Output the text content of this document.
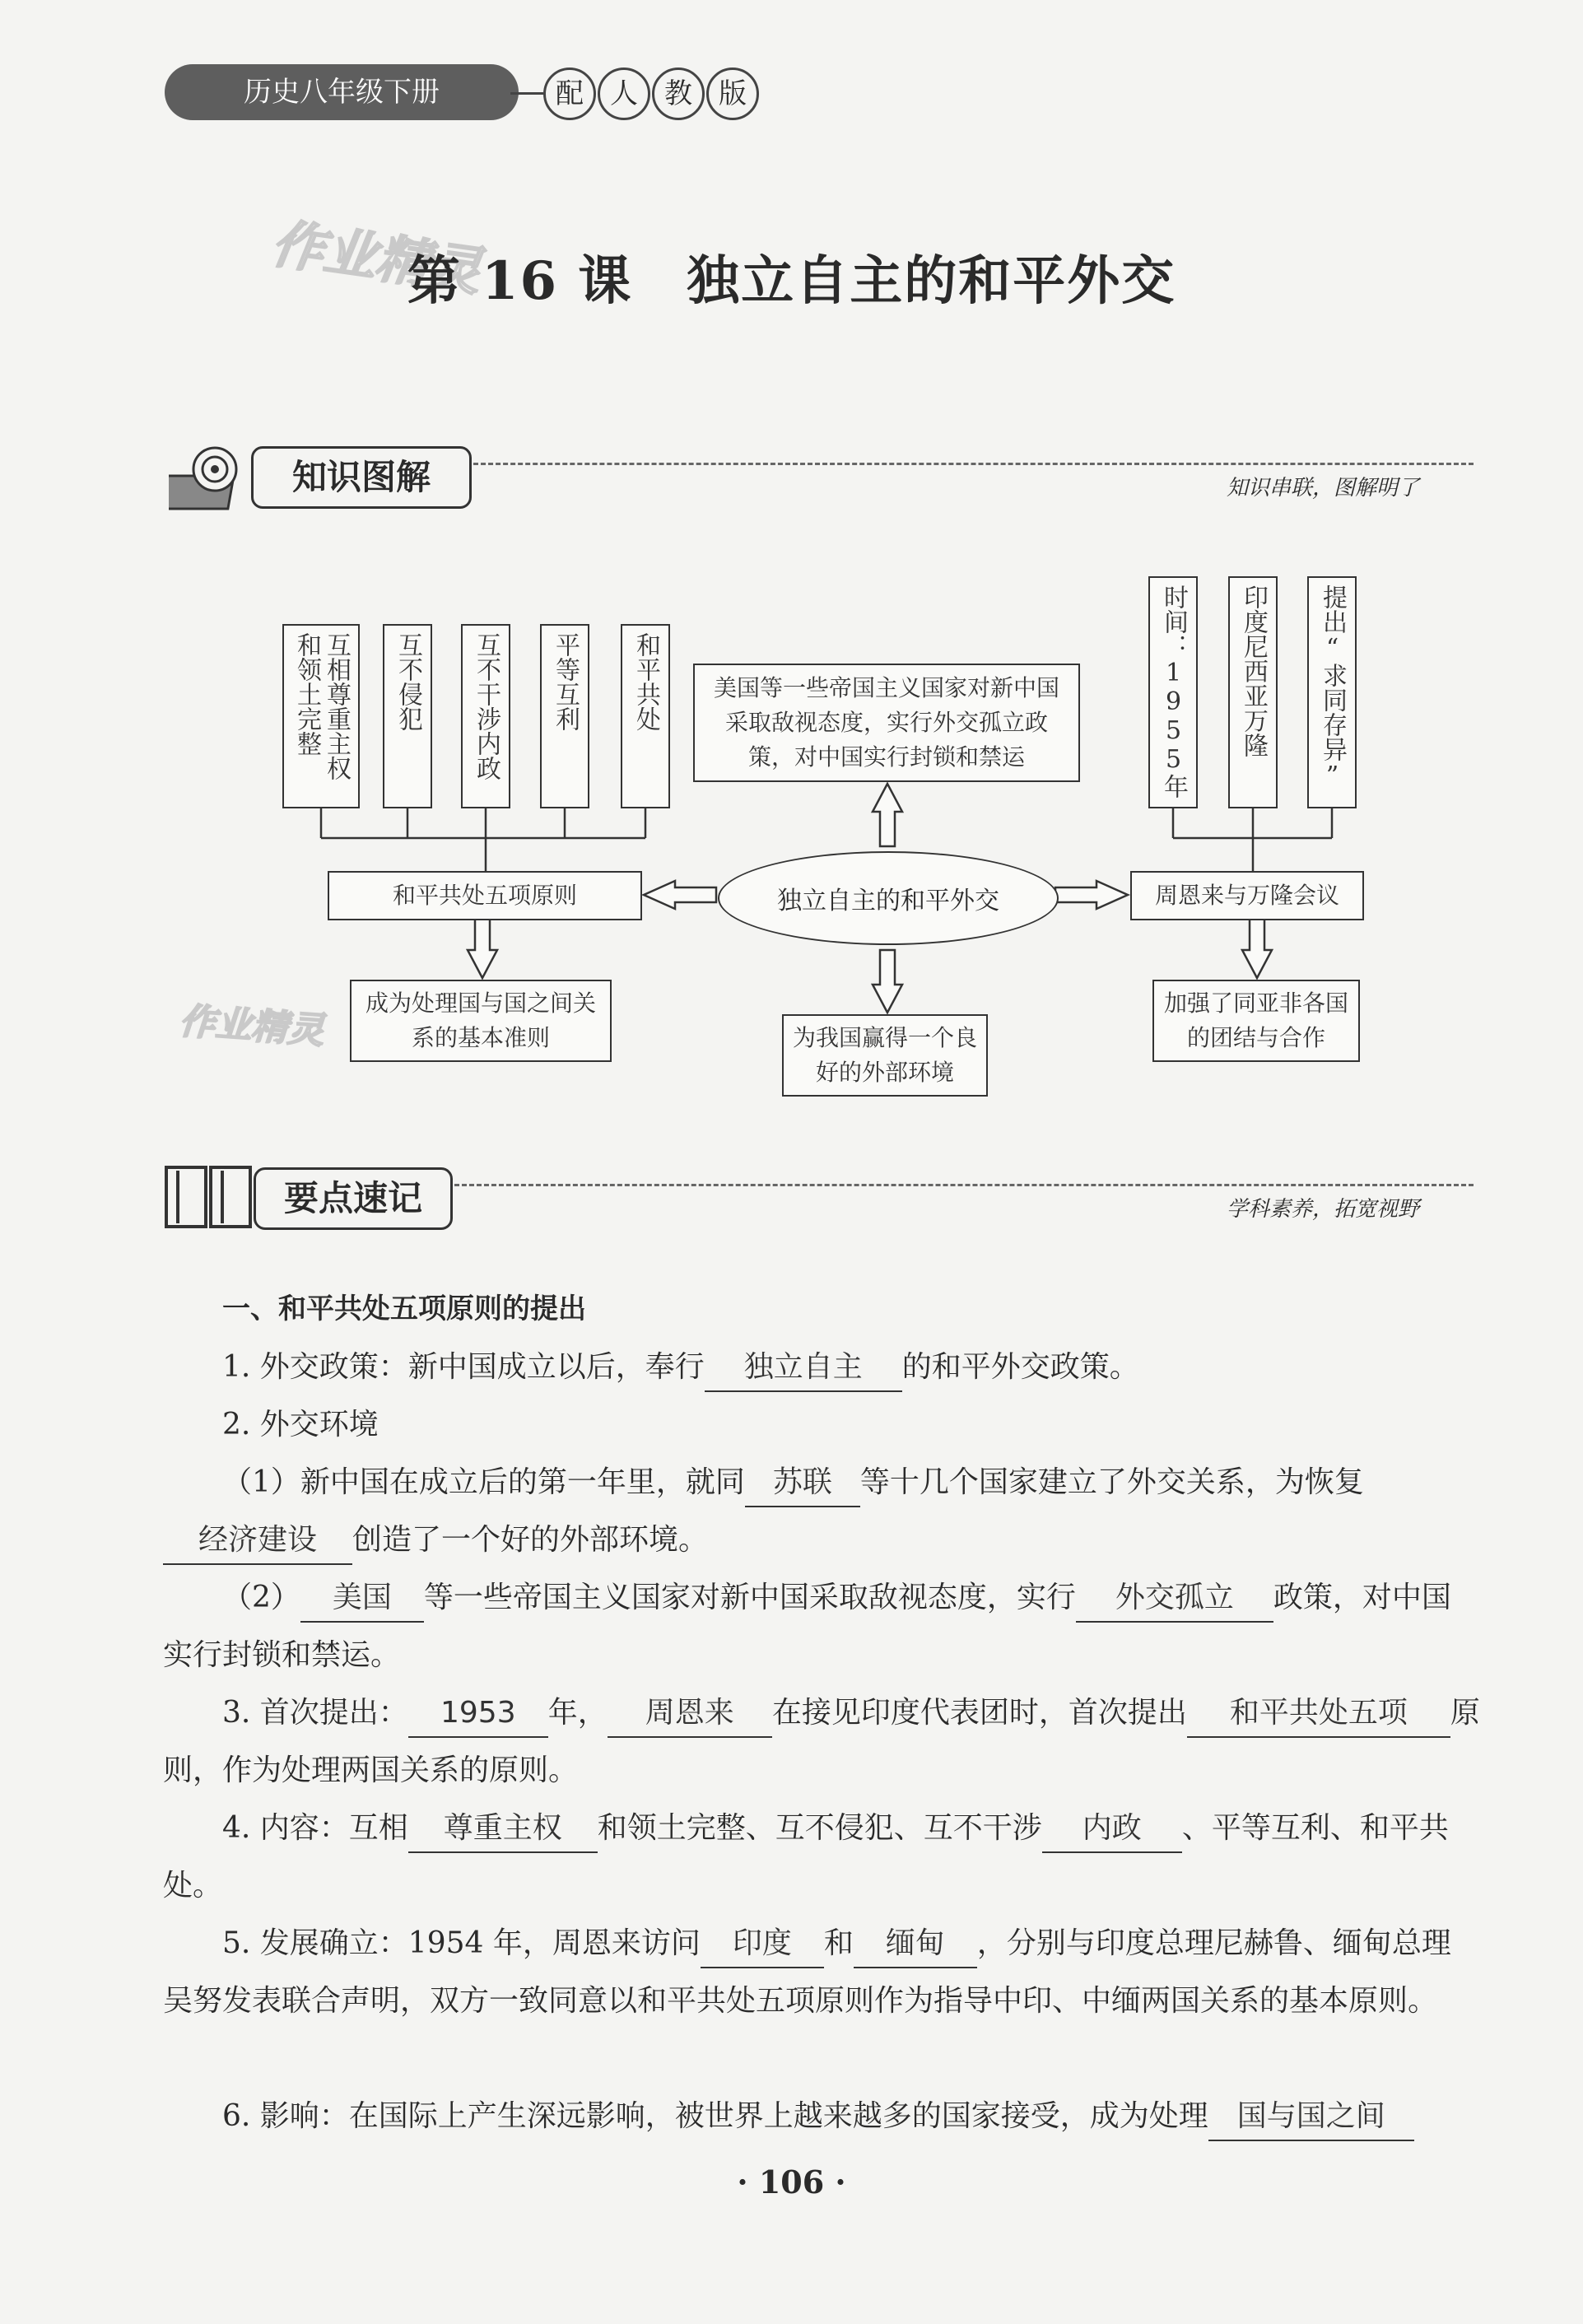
历史八年级下册	配 人 教 版
作业精灵
作业精灵
第 16 课　独立自主的和平外交
知识图解	知识串联，图解明了
互相尊重主权和领土完整	互不侵犯	互不干涉内政	平等互利	和平共处
和平共处五项原则
成为处理国与国之间关系的基本准则
美国等一些帝国主义国家对新中国采取敌视态度，实行外交孤立政策，对中国实行封锁和禁运
独立自主的和平外交
为我国赢得一个良好的外部环境
时间：1955年	印度尼西亚万隆	提出“求同存异”
周恩来与万隆会议
加强了同亚非各国的团结与合作
要点速记	学科素养，拓宽视野
一、和平共处五项原则的提出
1. 外交政策：新中国成立以后，奉行 独立自主 的和平外交政策。
2. 外交环境
（1）新中国在成立后的第一年里，就同 苏联 等十几个国家建立了外交关系，为恢复经济建设 创造了一个好的外部环境。
（2） 美国 等一些帝国主义国家对新中国采取敌视态度，实行 外交孤立 政策，对中国实行封锁和禁运。
3. 首次提出： 1953 年， 周恩来 在接见印度代表团时，首次提出 和平共处五项 原则，作为处理两国关系的原则。
4. 内容：互相 尊重主权 和领土完整、互不侵犯、互不干涉 内政 、平等互利、和平共处。
5. 发展确立：1954 年，周恩来访问 印度 和 缅甸 ，分别与印度总理尼赫鲁、缅甸总理吴努发表联合声明，双方一致同意以和平共处五项原则作为指导中印、中缅两国关系的基本原则。
6. 影响：在国际上产生深远影响，被世界上越来越多的国家接受，成为处理 国与国之间
· 106 ·
